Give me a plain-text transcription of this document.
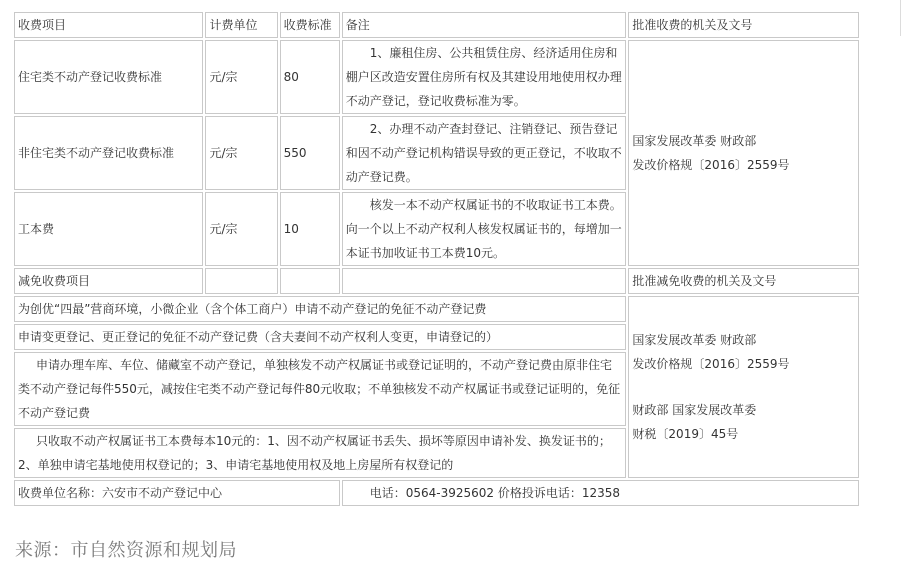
收费项目	计费单位	收费标准	备注	批准收费的机关及文号
住宅类不动产登记收费标准	元/宗	80	1、廉租住房、公共租赁住房、经济适用住房和棚户区改造安置住房所有权及其建设用地使用权办理不动产登记，登记收费标准为零。	国家发展改革委 财政部
发改价格规〔2016〕2559号

非住宅类不动产登记收费标准	元/宗	550	2、办理不动产查封登记、注销登记、预告登记和因不动产登记机构错误导致的更正登记，不收取不动产登记费。	
工本费	元/宗	10	核发一本不动产权属证书的不收取证书工本费。向一个以上不动产权利人核发权属证书的，每增加一本证书加收证书工本费10元。	
减免收费项目				批准减免收费的机关及文号
为创优“四最”营商环境，小微企业（含个体工商户）申请不动产登记的免征不动产登记费				国家发展改革委 财政部
发改价格规〔2016〕2559号
财政部 国家发展改革委
财税〔2019〕45号

申请变更登记、更正登记的免征不动产登记费（含夫妻间不动产权利人变更，申请登记的）				
申请办理车库、车位、储藏室不动产登记，单独核发不动产权属证书或登记证明的，不动产登记费由原非住宅类不动产登记每件550元，减按住宅类不动产登记每件80元收取；不单独核发不动产权属证书或登记证明的，免征不动产登记费				
只收取不动产权属证书工本费每本10元的：1、因不动产权属证书丢失、损坏等原因申请补发、换发证书的；2、单独申请宅基地使用权登记的；3、申请宅基地使用权及地上房屋所有权登记的				
收费单位名称：六安市不动产登记中心			电话：0564-3925602 价格投诉电话：12358	
来源：市自然资源和规划局
